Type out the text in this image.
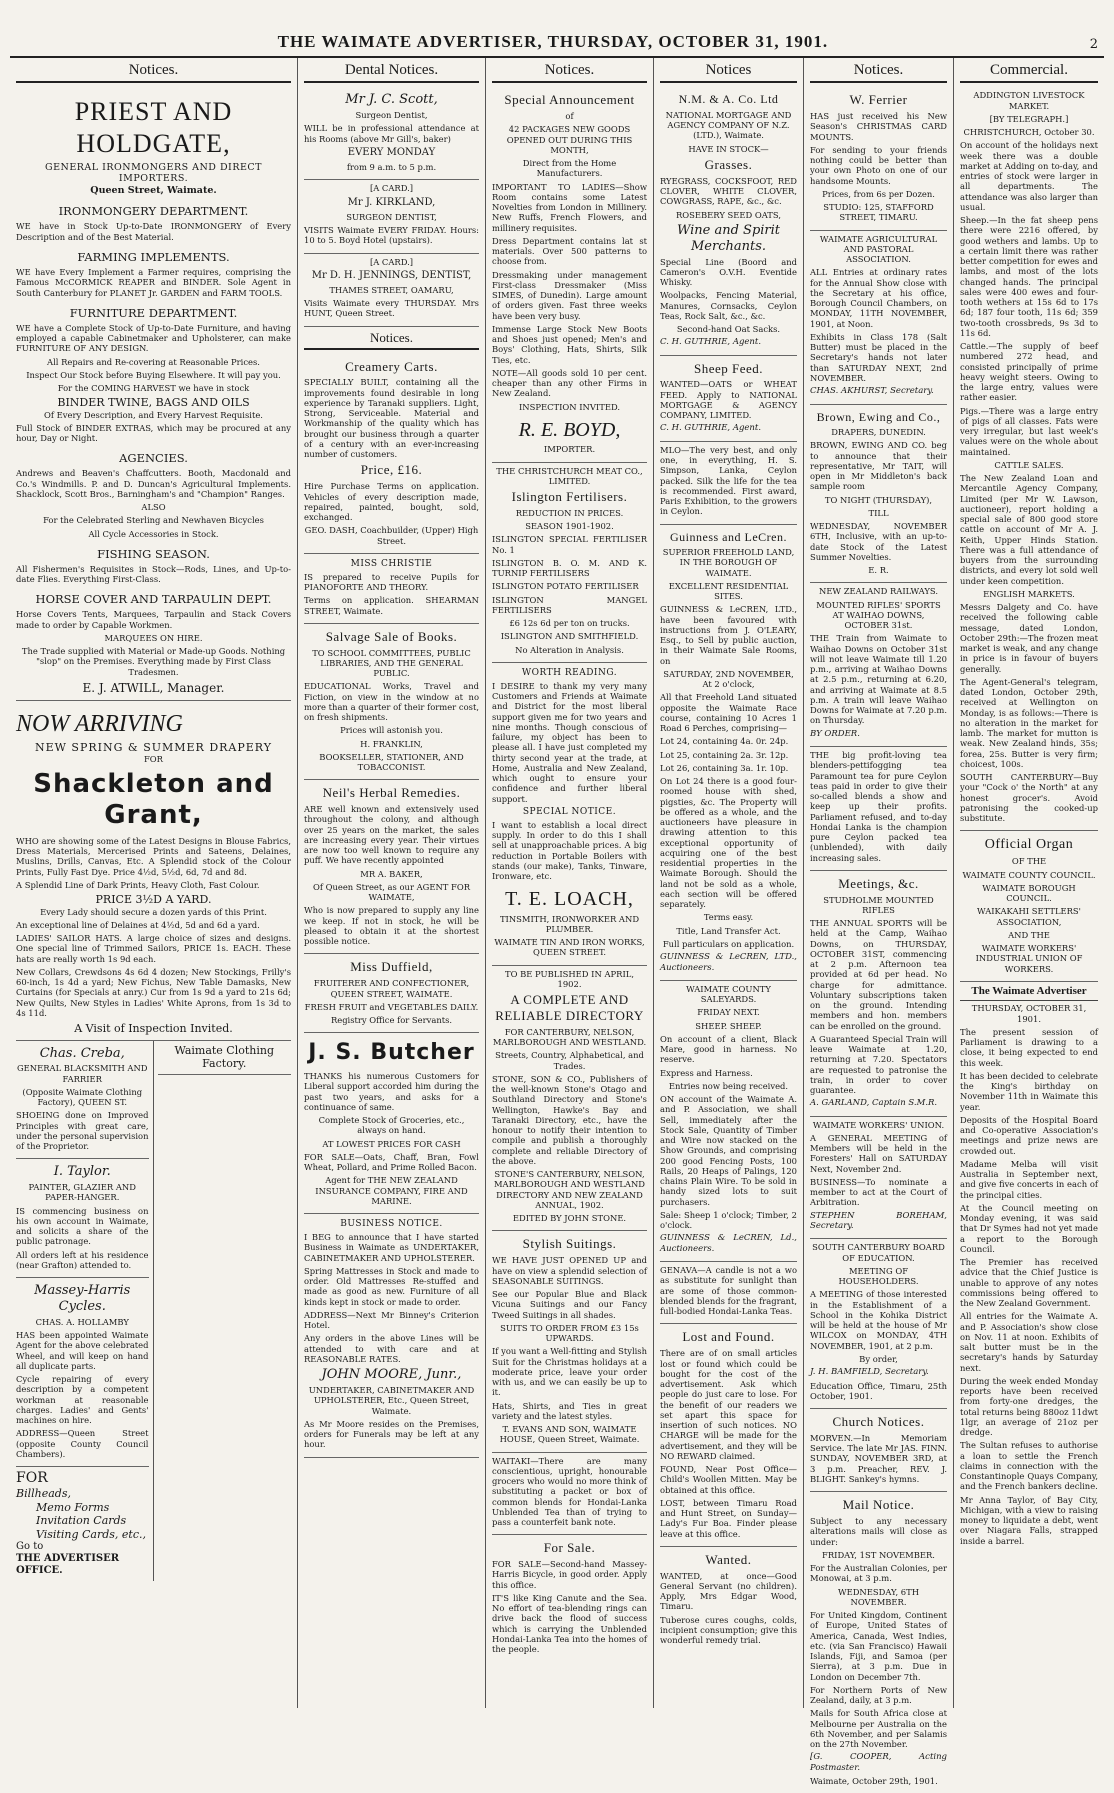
THE WAIMATE ADVERTISER, THURSDAY, OCTOBER 31, 1901.	2
Notices.
PRIEST AND HOLDGATE,
GENERAL IRONMONGERS AND DIRECT IMPORTERS.
Queen Street, Waimate.
IRONMONGERY DEPARTMENT.

WE have in Stock Up-to-Date IRONMONGERY of Every Description and of the Best Material.

FARMING IMPLEMENTS.

WE have Every Implement a Farmer requires, comprising the Famous McCORMICK REAPER and BINDER. Sole Agent in South Canterbury for PLANET Jr. GARDEN and FARM TOOLS.

FURNITURE DEPARTMENT.

WE have a Complete Stock of Up-to-Date Furniture, and having employed a capable Cabinetmaker and Upholsterer, can make FURNITURE OF ANY DESIGN.

All Repairs and Re-covering at Reasonable Prices.

Inspect Our Stock before Buying Elsewhere. It will pay you.

For the COMING HARVEST we have in stock

BINDER TWINE, BAGS AND OILS

Of Every Description, and Every Harvest Requisite.

Full Stock of BINDER EXTRAS, which may be procured at any hour, Day or Night.

AGENCIES.

Andrews and Beaven's Chaffcutters. Booth, Macdonald and Co.'s Windmills. P. and D. Duncan's Agricultural Implements. Shacklock, Scott Bros., Barningham's and "Champion" Ranges.

ALSO

For the Celebrated Sterling and Newhaven Bicycles

All Cycle Accessories in Stock.

FISHING SEASON.

All Fishermen's Requisites in Stock—Rods, Lines, and Up-to-date Flies. Everything First-Class.

HORSE COVER AND TARPAULIN DEPT.

Horse Covers Tents, Marquees, Tarpaulin and Stack Covers made to order by Capable Workmen.

MARQUEES ON HIRE.

The Trade supplied with Material or Made-up Goods. Nothing "slop" on the Premises. Everything made by First Class Tradesmen.

E. J. ATWILL, Manager.
NOW ARRIVING
NEW SPRING & SUMMER DRAPERY
FOR
Shackleton and Grant,

WHO are showing some of the Latest Designs in Blouse Fabrics, Dress Materials, Mercerised Prints and Sateens, Delaines, Muslins, Drills, Canvas, Etc. A Splendid stock of the Colour Prints, Fully Fast Dye. Price 4½d, 5½d, 6d, 7d and 8d.

A Splendid Line of Dark Prints, Heavy Cloth, Fast Colour.

PRICE 3½D A YARD.

Every Lady should secure a dozen yards of this Print.

An exceptional line of Delaines at 4½d, 5d and 6d a yard.

LADIES' SAILOR HATS. A large choice of sizes and designs. One special line of Trimmed Sailors, PRICE 1s. EACH. These hats are really worth 1s 9d each.

New Collars, Crewdsons 4s 6d 4 dozen; New Stockings, Frilly's 60-inch, 1s 4d a yard; New Fichus, New Table Damasks, New Curtains (for Specials at anry.) Cur from 1s 9d a yard to 21s 6d; New Quilts, New Styles in Ladies' White Aprons, from 1s 3d to 4s 11d.

A Visit of Inspection Invited.
Chas. Creba,

GENERAL BLACKSMITH AND FARRIER

(Opposite Waimate Clothing Factory), QUEEN ST.

SHOEING done on Improved Principles with great care, under the personal supervision of the Proprietor.

I. Taylor.

PAINTER, GLAZIER AND PAPER-HANGER.

IS commencing business on his own account in Waimate, and solicits a share of the public patronage.

All orders left at his residence (near Grafton) attended to.

Massey-Harris Cycles.

CHAS. A. HOLLAMBY

HAS been appointed Waimate Agent for the above celebrated Wheel, and will keep on hand all duplicate parts.

Cycle repairing of every description by a competent workman at reasonable charges. Ladies' and Gents' machines on hire.

ADDRESS—Queen Street (opposite County Council Chambers).

FOR
Billheads,
Memo Forms
Invitation Cards
Visiting Cards, etc.,
Go to
THE ADVERTISER OFFICE.
Waimate Clothing Factory.
Dental Notices.
Mr J. C. Scott,

Surgeon Dentist,

WILL be in professional attendance at his Rooms (above Mr Gill's, baker)

EVERY MONDAY

from 9 a.m. to 5 p.m.

[A CARD.]

Mr J. KIRKLAND,

SURGEON DENTIST,

VISITS Waimate EVERY FRIDAY. Hours: 10 to 5. Boyd Hotel (upstairs).

[A CARD.]

Mr D. H. JENNINGS, DENTIST,

THAMES STREET, OAMARU,

Visits Waimate every THURSDAY. Mrs HUNT, Queen Street.

Notices.
Creamery Carts.

SPECIALLY BUILT, containing all the improvements found desirable in long experience by Taranaki suppliers. Light, Strong, Serviceable. Material and Workmanship of the quality which has brought our business through a quarter of a century with an ever-increasing number of customers.

Price, £16.

Hire Purchase Terms on application. Vehicles of every description made, repaired, painted, bought, sold, exchanged.

GEO. DASH, Coachbuilder, (Upper) High Street.

MISS CHRISTIE

IS prepared to receive Pupils for PIANOFORTE AND THEORY.

Terms on application. SHEARMAN STREET, Waimate.

Salvage Sale of Books.

TO SCHOOL COMMITTEES, PUBLIC LIBRARIES, AND THE GENERAL PUBLIC.

EDUCATIONAL Works, Travel and Fiction, on view in the window at no more than a quarter of their former cost, on fresh shipments.

Prices will astonish you.

H. FRANKLIN,

BOOKSELLER, STATIONER, AND TOBACCONIST.

Neil's Herbal Remedies.

ARE well known and extensively used throughout the colony, and although over 25 years on the market, the sales are increasing every year. Their virtues are now too well known to require any puff. We have recently appointed

MR A. BAKER,

Of Queen Street, as our AGENT FOR WAIMATE,

Who is now prepared to supply any line we keep. If not in stock, he will be pleased to obtain it at the shortest possible notice.

Miss Duffield,

FRUITERER AND CONFECTIONER, QUEEN STREET, WAIMATE.

FRESH FRUIT and VEGETABLES DAILY.

Registry Office for Servants.

J. S. Butcher

THANKS his numerous Customers for Liberal support accorded him during the past two years, and asks for a continuance of same.

Complete Stock of Groceries, etc., always on hand.

AT LOWEST PRICES FOR CASH

FOR SALE—Oats, Chaff, Bran, Fowl Wheat, Pollard, and Prime Rolled Bacon.

Agent for THE NEW ZEALAND INSURANCE COMPANY, FIRE AND MARINE.

BUSINESS NOTICE.

I BEG to announce that I have started Business in Waimate as UNDERTAKER, CABINETMAKER AND UPHOLSTERER.

Spring Mattresses in Stock and made to order. Old Mattresses Re-stuffed and made as good as new. Furniture of all kinds kept in stock or made to order.

ADDRESS—Next Mr Binney's Criterion Hotel.

Any orders in the above Lines will be attended to with care and at REASONABLE RATES.

JOHN MOORE, Junr.,

UNDERTAKER, CABINETMAKER AND UPHOLSTERER, Etc., Queen Street, Waimate.

As Mr Moore resides on the Premises, orders for Funerals may be left at any hour.

Notices.
Special Announcement

of

42 PACKAGES NEW GOODS OPENED OUT DURING THIS MONTH,

Direct from the Home Manufacturers.

IMPORTANT TO LADIES—Show Room contains some Latest Novelties from London in Millinery. New Ruffs, French Flowers, and millinery requisites.

Dress Department contains lat st materials. Over 500 patterns to choose from.

Dressmaking under management First-class Dressmaker (Miss SIMES, of Dunedin). Large amount of orders given. Fast three weeks have been very busy.

Immense Large Stock New Boots and Shoes just opened; Men's and Boys' Clothing, Hats, Shirts, Silk Ties, etc.

NOTE—All goods sold 10 per cent. cheaper than any other Firms in New Zealand.

INSPECTION INVITED.

R. E. BOYD,

IMPORTER.

THE CHRISTCHURCH MEAT CO., LIMITED.

Islington Fertilisers.

REDUCTION IN PRICES.

SEASON 1901-1902.

ISLINGTON SPECIAL FERTILISER No. 1

ISLINGTON B. O. M. AND K. TURNIP FERTILISERS

ISLINGTON POTATO FERTILISER

ISLINGTON MANGEL FERTILISERS

£6 12s 6d per ton on trucks.

ISLINGTON AND SMITHFIELD.

No Alteration in Analysis.

WORTH READING.

I DESIRE to thank my very many Customers and Friends at Waimate and District for the most liberal support given me for two years and nine months. Though conscious of failure, my object has been to please all. I have just completed my thirty second year at the trade, at Home, Australia and New Zealand, which ought to ensure your confidence and further liberal support.

SPECIAL NOTICE.

I want to establish a local direct supply. In order to do this I shall sell at unapproachable prices. A big reduction in Portable Boilers with stands (our make), Tanks, Tinware, Ironware, etc.

T. E. LOACH,

TINSMITH, IRONWORKER AND PLUMBER.

WAIMATE TIN AND IRON WORKS, QUEEN STREET.

TO BE PUBLISHED IN APRIL, 1902.

A COMPLETE AND RELIABLE DIRECTORY

FOR CANTERBURY, NELSON, MARLBOROUGH AND WESTLAND.

Streets, Country, Alphabetical, and Trades.

STONE, SON & CO., Publishers of the well-known Stone's Otago and Southland Directory and Stone's Wellington, Hawke's Bay and Taranaki Directory, etc., have the honour to notify their intention to compile and publish a thoroughly complete and reliable Directory of the above.

STONE'S CANTERBURY, NELSON, MARLBOROUGH AND WESTLAND DIRECTORY AND NEW ZEALAND ANNUAL, 1902.

EDITED BY JOHN STONE.

Stylish Suitings.

WE HAVE JUST OPENED UP and have on view a splendid selection of SEASONABLE SUITINGS.

See our Popular Blue and Black Vicuna Suitings and our Fancy Tweed Suitings in all shades.

SUITS TO ORDER FROM £3 15s UPWARDS.

If you want a Well-fitting and Stylish Suit for the Christmas holidays at a moderate price, leave your order with us, and we can easily be up to it.

Hats, Shirts, and Ties in great variety and the latest styles.

T. EVANS AND SON, WAIMATE HOUSE, Queen Street, Waimate.

WAITAKI—There are many conscientious, upright, honourable grocers who would no more think of substituting a packet or box of common blends for Hondai-Lanka Unblended Tea than of trying to pass a counterfeit bank note.

For Sale.

FOR SALE—Second-hand Massey-Harris Bicycle, in good order. Apply this office.

IT'S like King Canute and the Sea. No effort of tea-blending rings can drive back the flood of success which is carrying the Unblended Hondai-Lanka Tea into the homes of the people.

Notices
N.M. & A. Co. Ltd

NATIONAL MORTGAGE AND AGENCY COMPANY OF N.Z. (LTD.), Waimate.

HAVE IN STOCK—

Grasses.

RYEGRASS, COCKSFOOT, RED CLOVER, WHITE CLOVER, COWGRASS, RAPE, &c., &c.

ROSEBERY SEED OATS,

Wine and Spirit Merchants.

Special Line (Boord and Cameron's O.V.H. Eventide Whisky.

Woolpacks, Fencing Material, Manures, Cornsacks, Ceylon Teas, Rock Salt, &c., &c.

Second-hand Oat Sacks.

C. H. GUTHRIE, Agent.

Sheep Feed.

WANTED—OATS or WHEAT FEED. Apply to NATIONAL MORTGAGE & AGENCY COMPANY, LIMITED.

C. H. GUTHRIE, Agent.

MLO—The very best, and only one, in everything, H. S. Simpson, Lanka, Ceylon packed. Silk the life for the tea is recommended. First award, Paris Exhibition, to the growers in Ceylon.

Guinness and LeCren.

SUPERIOR FREEHOLD LAND, IN THE BOROUGH OF WAIMATE.

EXCELLENT RESIDENTIAL SITES.

GUINNESS & LeCREN, LTD., have been favoured with instructions from J. O'LEARY, Esq., to Sell by public auction, in their Waimate Sale Rooms, on

SATURDAY, 2ND NOVEMBER, At 2 o'clock,

All that Freehold Land situated opposite the Waimate Race course, containing 10 Acres 1 Road 6 Perches, comprising—

Lot 24, containing 4a. 0r. 24p.

Lot 25, containing 2a. 3r. 12p.

Lot 26, containing 3a. 1r. 10p.

On Lot 24 there is a good four-roomed house with shed, pigsties, &c. The Property will be offered as a whole, and the auctioneers have pleasure in drawing attention to this exceptional opportunity of acquiring one of the best residential properties in the Waimate Borough. Should the land not be sold as a whole, each section will be offered separately.

Terms easy.

Title, Land Transfer Act.

Full particulars on application.

GUINNESS & LeCREN, LTD., Auctioneers.

WAIMATE COUNTY SALEYARDS.

FRIDAY NEXT.

SHEEP. SHEEP.

On account of a client, Black Mare, good in harness. No reserve.

Express and Harness.

Entries now being received.

ON account of the Waimate A. and P. Association, we shall Sell, immediately after the Stock Sale, Quantity of Timber and Wire now stacked on the Show Grounds, and comprising 200 good Fencing Posts, 100 Rails, 20 Heaps of Palings, 120 chains Plain Wire. To be sold in handy sized lots to suit purchasers.

Sale: Sheep 1 o'clock; Timber, 2 o'clock.

GUINNESS & LeCREN, Ld., Auctioneers.

GENAVA—A candle is not a wo as substitute for sunlight than are some of those common-blended blends for the fragrant, full-bodied Hondai-Lanka Teas.

Lost and Found.

There are of on small articles lost or found which could be bought for the cost of the advertisement. Ask which people do just care to lose. For the benefit of our readers we set apart this space for insertion of such notices. NO CHARGE will be made for the advertisement, and they will be NO REWARD claimed.

FOUND, Near Post Office—Child's Woollen Mitten. May be obtained at this office.

LOST, between Timaru Road and Hunt Street, on Sunday—Lady's Fur Boa. Finder please leave at this office.

Wanted.

WANTED, at once—Good General Servant (no children). Apply, Mrs Edgar Wood, Timaru.

Tuberose cures coughs, colds, incipient consumption; give this wonderful remedy trial.

Notices.
W. Ferrier

HAS just received his New Season's CHRISTMAS CARD MOUNTS.

For sending to your friends nothing could be better than your own Photo on one of our handsome Mounts.

Prices, from 6s per Dozen.

STUDIO: 125, STAFFORD STREET, TIMARU.

WAIMATE AGRICULTURAL AND PASTORAL ASSOCIATION.

ALL Entries at ordinary rates for the Annual Show close with the Secretary at his office, Borough Council Chambers, on MONDAY, 11TH NOVEMBER, 1901, at Noon.

Exhibits in Class 178 (Salt Butter) must be placed in the Secretary's hands not later than SATURDAY NEXT, 2nd NOVEMBER.

CHAS. AKHURST, Secretary.

Brown, Ewing and Co.,

DRAPERS, DUNEDIN.

BROWN, EWING AND CO. beg to announce that their representative, Mr TAIT, will open in Mr Middleton's back sample room

TO NIGHT (THURSDAY),

TILL

WEDNESDAY, NOVEMBER 6TH, Inclusive, with an up-to-date Stock of the Latest Summer Novelties.

E. R.

NEW ZEALAND RAILWAYS.

MOUNTED RIFLES' SPORTS AT WAIHAO DOWNS, OCTOBER 31st.

THE Train from Waimate to Waihao Downs on October 31st will not leave Waimate till 1.20 p.m., arriving at Waihao Downs at 2.5 p.m., returning at 6.20, and arriving at Waimate at 8.5 p.m. A train will leave Waihao Downs for Waimate at 7.20 p.m. on Thursday.

BY ORDER.

THE big profit-loving tea blenders-pettifogging tea Paramount tea for pure Ceylon teas paid in order to give their so-called blends a show and keep up their profits. Parliament refused, and to-day Hondai Lanka is the champion pure Ceylon packed tea (unblended), with daily increasing sales.

Meetings, &c.

STUDHOLME MOUNTED RIFLES

THE ANNUAL SPORTS will be held at the Camp, Waihao Downs, on THURSDAY, OCTOBER 31ST, commencing at 2 p.m. Afternoon tea provided at 6d per head. No charge for admittance. Voluntary subscriptions taken on the ground. Intending members and hon. members can be enrolled on the ground.

A Guaranteed Special Train will leave Waimate at 1.20, returning at 7.20. Spectators are requested to patronise the train, in order to cover guarantee.

A. GARLAND, Captain S.M.R.

WAIMATE WORKERS' UNION.

A GENERAL MEETING of Members will be held in the Foresters' Hall on SATURDAY Next, November 2nd.

BUSINESS—To nominate a member to act at the Court of Arbitration.

STEPHEN BOREHAM, Secretary.

SOUTH CANTERBURY BOARD OF EDUCATION.

MEETING OF HOUSEHOLDERS.

A MEETING of those interested in the Establishment of a School in the Kohika District will be held at the house of Mr WILCOX on MONDAY, 4TH NOVEMBER, 1901, at 2 p.m.

By order,

J. H. BAMFIELD, Secretary.

Education Office, Timaru, 25th October, 1901.

Church Notices.

MORVEN.—In Memoriam Service. The late Mr JAS. FINN. SUNDAY, NOVEMBER 3RD, at 3 p.m. Preacher, REV. J. BLIGHT. Sankey's hymns.

Mail Notice.

Subject to any necessary alterations mails will close as under:

FRIDAY, 1ST NOVEMBER.

For the Australian Colonies, per Monowai, at 3 p.m.

WEDNESDAY, 6TH NOVEMBER.

For United Kingdom, Continent of Europe, United States of America, Canada, West Indies, etc. (via San Francisco) Hawaii Islands, Fiji, and Samoa (per Sierra), at 3 p.m. Due in London on December 7th.

For Northern Ports of New Zealand, daily, at 3 p.m.

Mails for South Africa close at Melbourne per Australia on the 6th November, and per Salamis on the 27th November.

[G. COOPER, Acting Postmaster.

Waimate, October 29th, 1901.

Commercial.

ADDINGTON LIVESTOCK MARKET.

[BY TELEGRAPH.]

CHRISTCHURCH, October 30.

On account of the holidays next week there was a double market at Adding on to-day, and entries of stock were larger in all departments. The attendance was also larger than usual.

Sheep.—In the fat sheep pens there were 2216 offered, by good wethers and lambs. Up to a certain limit there was rather better competition for ewes and lambs, and most of the lots changed hands. The principal sales were 400 ewes and four-tooth wethers at 15s 6d to 17s 6d; 187 four tooth, 11s 6d; 359 two-tooth crossbreds, 9s 3d to 11s 6d.

Cattle.—The supply of beef numbered 272 head, and consisted principally of prime heavy weight steers. Owing to the large entry, values were rather easier.

Pigs.—There was a large entry of pigs of all classes. Fats were very irregular, but last week's values were on the whole about maintained.

CATTLE SALES.

The New Zealand Loan and Mercantile Agency Company, Limited (per Mr W. Lawson, auctioneer), report holding a special sale of 800 good store cattle on account of Mr A. J. Keith, Upper Hinds Station. There was a full attendance of buyers from the surrounding districts, and every lot sold well under keen competition.

ENGLISH MARKETS.

Messrs Dalgety and Co. have received the following cable message, dated London, October 29th:—The frozen meat market is weak, and any change in price is in favour of buyers generally.

The Agent-General's telegram, dated London, October 29th, received at Wellington on Monday, is as follows:—There is no alteration in the market for lamb. The market for mutton is weak. New Zealand hinds, 35s; forea, 25s. Butter is very firm; choicest, 100s.

SOUTH CANTERBURY—Buy your "Cock o' the North" at any honest grocer's. Avoid patronising the cooked-up substitute.

Official Organ

OF THE

WAIMATE COUNTY COUNCIL.

WAIMATE BOROUGH COUNCIL.

WAIKAKAHI SETTLERS' ASSOCIATION,

AND THE

WAIMATE WORKERS' INDUSTRIAL UNION OF WORKERS.

The Waimate Advertiser

THURSDAY, OCTOBER 31, 1901.

The present session of Parliament is drawing to a close, it being expected to end this week.

It has been decided to celebrate the King's birthday on November 11th in Waimate this year.

Deposits of the Hospital Board and Co-operative Association's meetings and prize news are crowded out.

Madame Melba will visit Australia in September next, and give five concerts in each of the principal cities.

At the Council meeting on Monday evening, it was said that Dr Symes had not yet made a report to the Borough Council.

The Premier has received advice that the Chief Justice is unable to approve of any notes commissions being offered to the New Zealand Government.

All entries for the Waimate A. and P. Association's show close on Nov. 11 at noon. Exhibits of salt butter must be in the secretary's hands by Saturday next.

During the week ended Monday reports have been received from forty-one dredges, the total returns being 880oz 11dwt 1lgr, an average of 21oz per dredge.

The Sultan refuses to authorise a loan to settle the French claims in connection with the Constantinople Quays Company, and the French bankers decline.

Mr Anna Taylor, of Bay City, Michigan, with a view to raising money to liquidate a debt, went over Niagara Falls, strapped inside a barrel.
